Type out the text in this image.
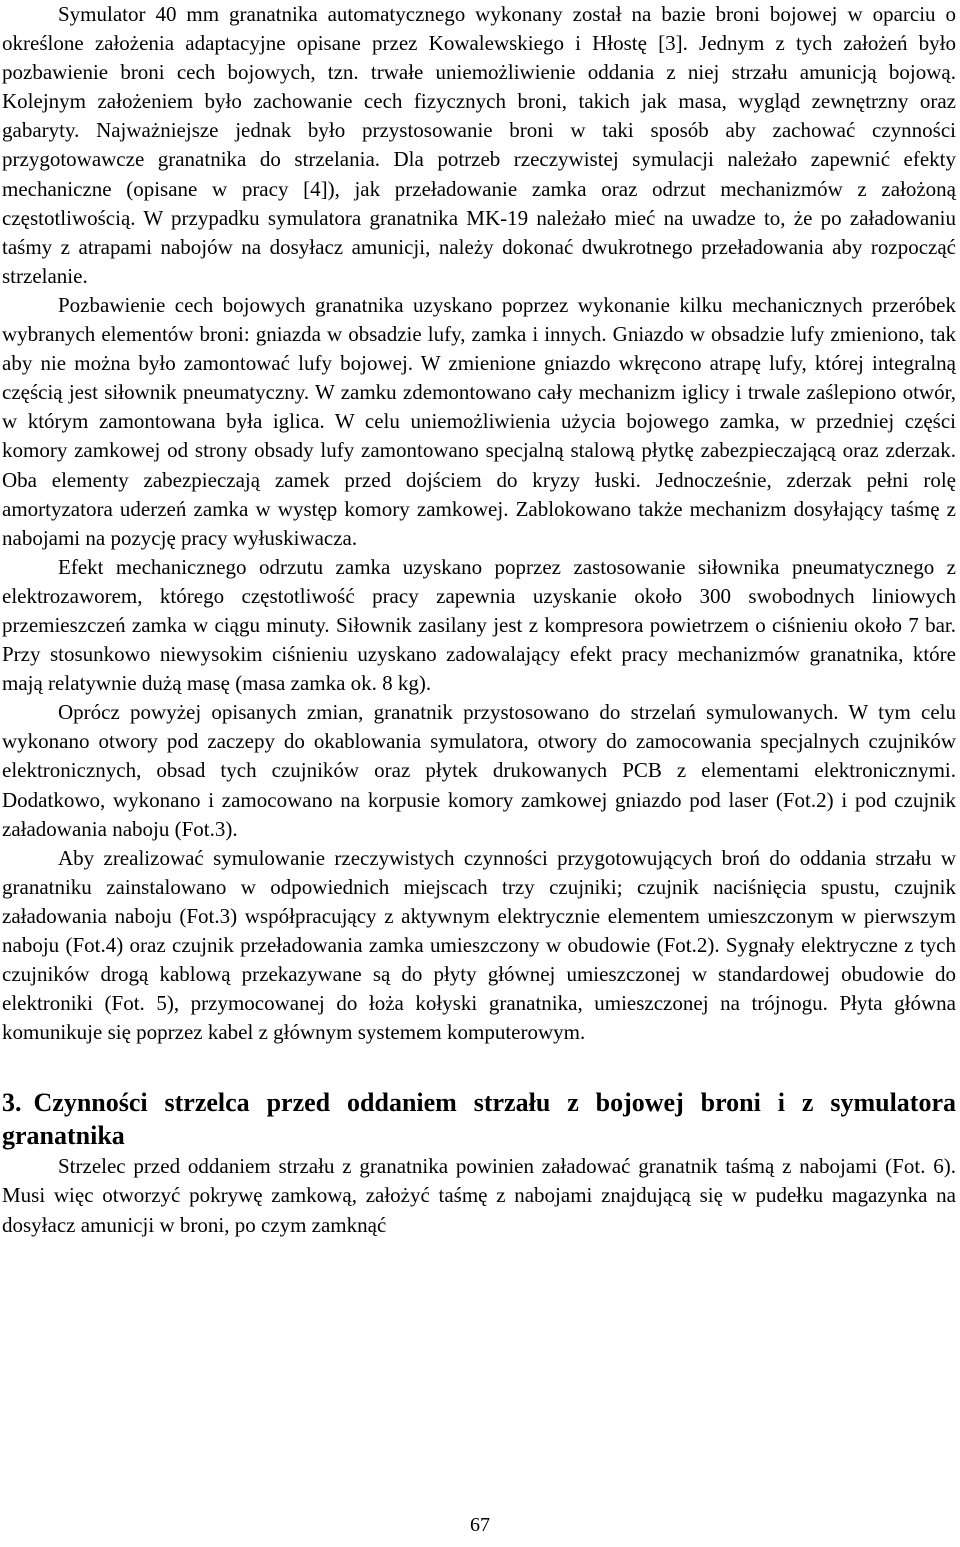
Symulator 40 mm granatnika automatycznego wykonany został na bazie broni bojowej w oparciu o określone założenia adaptacyjne opisane przez Kowalewskiego i Hłostę [3]. Jednym z tych założeń było pozbawienie broni cech bojowych, tzn. trwałe uniemożliwienie oddania z niej strzału amunicją bojową. Kolejnym założeniem było zachowanie cech fizycznych broni, takich jak masa, wygląd zewnętrzny oraz gabaryty. Najważniejsze jednak było przystosowanie broni w taki sposób aby zachować czynności przygotowawcze granatnika do strzelania. Dla potrzeb rzeczywistej symulacji należało zapewnić efekty mechaniczne (opisane w pracy [4]), jak przeładowanie zamka oraz odrzut mechanizmów z założoną częstotliwością. W przypadku symulatora granatnika MK-19 należało mieć na uwadze to, że po załadowaniu taśmy z atrapami nabojów na dosyłacz amunicji, należy dokonać dwukrotnego przeładowania aby rozpocząć strzelanie.

Pozbawienie cech bojowych granatnika uzyskano poprzez wykonanie kilku mechanicznych przeróbek wybranych elementów broni: gniazda w obsadzie lufy, zamka i innych. Gniazdo w obsadzie lufy zmieniono, tak aby nie można było zamontować lufy bojowej. W zmienione gniazdo wkręcono atrapę lufy, której integralną częścią jest siłownik pneumatyczny. W zamku zdemontowano cały mechanizm iglicy i trwale zaślepiono otwór, w którym zamontowana była iglica. W celu uniemożliwienia użycia bojowego zamka, w przedniej części komory zamkowej od strony obsady lufy zamontowano specjalną stalową płytkę zabezpieczającą oraz zderzak. Oba elementy zabezpieczają zamek przed dojściem do kryzy łuski. Jednocześnie, zderzak pełni rolę amortyzatora uderzeń zamka w występ komory zamkowej. Zablokowano także mechanizm dosyłający taśmę z nabojami na pozycję pracy wyłuskiwacza.

Efekt mechanicznego odrzutu zamka uzyskano poprzez zastosowanie siłownika pneumatycznego z elektrozaworem, którego częstotliwość pracy zapewnia uzyskanie około 300 swobodnych liniowych przemieszczeń zamka w ciągu minuty. Siłownik zasilany jest z kompresora powietrzem o ciśnieniu około 7 bar. Przy stosunkowo niewysokim ciśnieniu uzyskano zadowalający efekt pracy mechanizmów granatnika, które mają relatywnie dużą masę (masa zamka ok. 8 kg).

Oprócz powyżej opisanych zmian, granatnik przystosowano do strzelań symulowanych. W tym celu wykonano otwory pod zaczepy do okablowania symulatora, otwory do zamocowania specjalnych czujników elektronicznych, obsad tych czujników oraz płytek drukowanych PCB z elementami elektronicznymi. Dodatkowo, wykonano i zamocowano na korpusie komory zamkowej gniazdo pod laser (Fot.2) i pod czujnik załadowania naboju (Fot.3).

Aby zrealizować symulowanie rzeczywistych czynności przygotowujących broń do oddania strzału w granatniku zainstalowano w odpowiednich miejscach trzy czujniki; czujnik naciśnięcia spustu, czujnik załadowania naboju (Fot.3) współpracujący z aktywnym elektrycznie elementem umieszczonym w pierwszym naboju (Fot.4) oraz czujnik przeładowania zamka umieszczony w obudowie (Fot.2). Sygnały elektryczne z tych czujników drogą kablową przekazywane są do płyty głównej umieszczonej w standardowej obudowie do elektroniki (Fot. 5), przymocowanej do łoża kołyski granatnika, umieszczonej na trójnogu. Płyta główna komunikuje się poprzez kabel z głównym systemem komputerowym.

3. Czynności strzelca przed oddaniem strzału z bojowej broni i z symulatora granatnika

Strzelec przed oddaniem strzału z granatnika powinien załadować granatnik taśmą z nabojami (Fot. 6). Musi więc otworzyć pokrywę zamkową, założyć taśmę z nabojami znajdującą się w pudełku magazynka na dosyłacz amunicji w broni, po czym zamknąć

67
